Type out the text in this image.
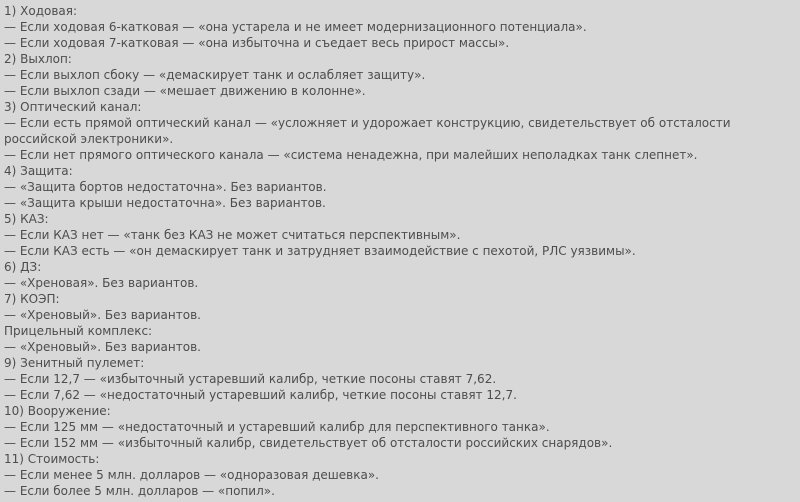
1) Ходовая:
— Если ходовая 6-катковая — «она устарела и не имеет модернизационного потенциала».
— Если ходовая 7-катковая — «она избыточна и съедает весь прирост массы».
2) Выхлоп:
— Если выхлоп сбоку — «демаскирует танк и ослабляет защиту».
— Если выхлоп сзади — «мешает движению в колонне».
3) Оптический канал:
— Если есть прямой оптический канал — «усложняет и удорожает конструкцию, свидетельствует об отсталости
российской электроники».
— Если нет прямого оптического канала — «система ненадежна, при малейших неполадках танк слепнет».
4) Защита:
— «Защита бортов недостаточна». Без вариантов.
— «Защита крыши недостаточна». Без вариантов.
5) КАЗ:
— Если КАЗ нет — «танк без КАЗ не может считаться перспективным».
— Если КАЗ есть — «он демаскирует танк и затрудняет взаимодействие с пехотой, РЛС уязвимы».
6) ДЗ:
— «Хреновая». Без вариантов.
7) КОЭП:
— «Хреновый». Без вариантов.
Прицельный комплекс:
— «Хреновый». Без вариантов.
9) Зенитный пулемет:
— Если 12,7 — «избыточный устаревший калибр, четкие посоны ставят 7,62.
— Если 7,62 — «недостаточный устаревший калибр, четкие посоны ставят 12,7.
10) Вооружение:
— Если 125 мм — «недостаточный и устаревший калибр для перспективного танка».
— Если 152 мм — «избыточный калибр, свидетельствует об отсталости российских снарядов».
11) Стоимость:
— Если менее 5 млн. долларов — «одноразовая дешевка».
— Если более 5 млн. долларов — «попил».
